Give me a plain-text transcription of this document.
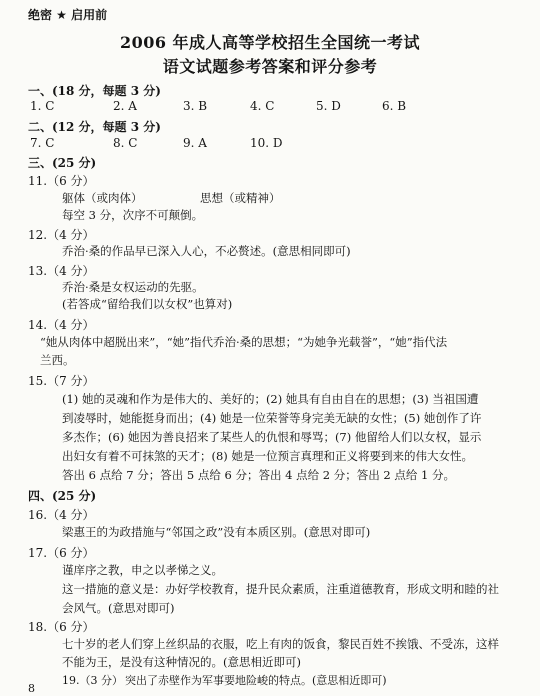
绝密 ★ 启用前
2006 年成人高等学校招生全国统一考试
语文试题参考答案和评分参考
一、(18 分，每题 3 分)
1. C	2. A	3. B	4. C	5. D	6. B
二、(12 分，每题 3 分)
7. C	8. C	9. A	10. D
三、(25 分)
11.（6 分）
躯体（或肉体）	思想（或精神）
每空 3 分，次序不可颠倒。
12.（4 分）
乔治·桑的作品早已深入人心，不必赘述。(意思相同即可)
13.（4 分）
乔治·桑是女权运动的先驱。
(若答成“留给我们以女权”也算对)
14.（4 分）
“她从肉体中超脱出来”，“她”指代乔治·桑的思想；“为她争光载誉”，“她”指代法
兰西。
15.（7 分）
(1) 她的灵魂和作为是伟大的、美好的；(2) 她具有自由自在的思想；(3) 当祖国遭
到凌辱时，她能挺身而出；(4) 她是一位荣誉等身完美无缺的女性；(5) 她创作了许
多杰作；(6) 她因为善良招来了某些人的仇恨和辱骂；(7) 他留给人们以女权，显示
出妇女有着不可抹煞的天才；(8) 她是一位预言真理和正义将要到来的伟大女性。
答出 6 点给 7 分；答出 5 点给 6 分；答出 4 点给 2 分；答出 2 点给 1 分。
四、(25 分)
16.（4 分）
梁惠王的为政措施与“邻国之政”没有本质区别。(意思对即可)
17.（6 分）
谨庠序之教，申之以孝悌之义。
这一措施的意义是：办好学校教育，提升民众素质，注重道德教育，形成文明和睦的社
会风气。(意思对即可)
18.（6 分）
七十岁的老人们穿上丝织品的衣服，吃上有肉的饭食，黎民百姓不挨饿、不受冻，这样
不能为王，是没有这种情况的。(意思相近即可)
19.（3 分） 突出了赤壁作为军事要地险峻的特点。(意思相近即可)
8
